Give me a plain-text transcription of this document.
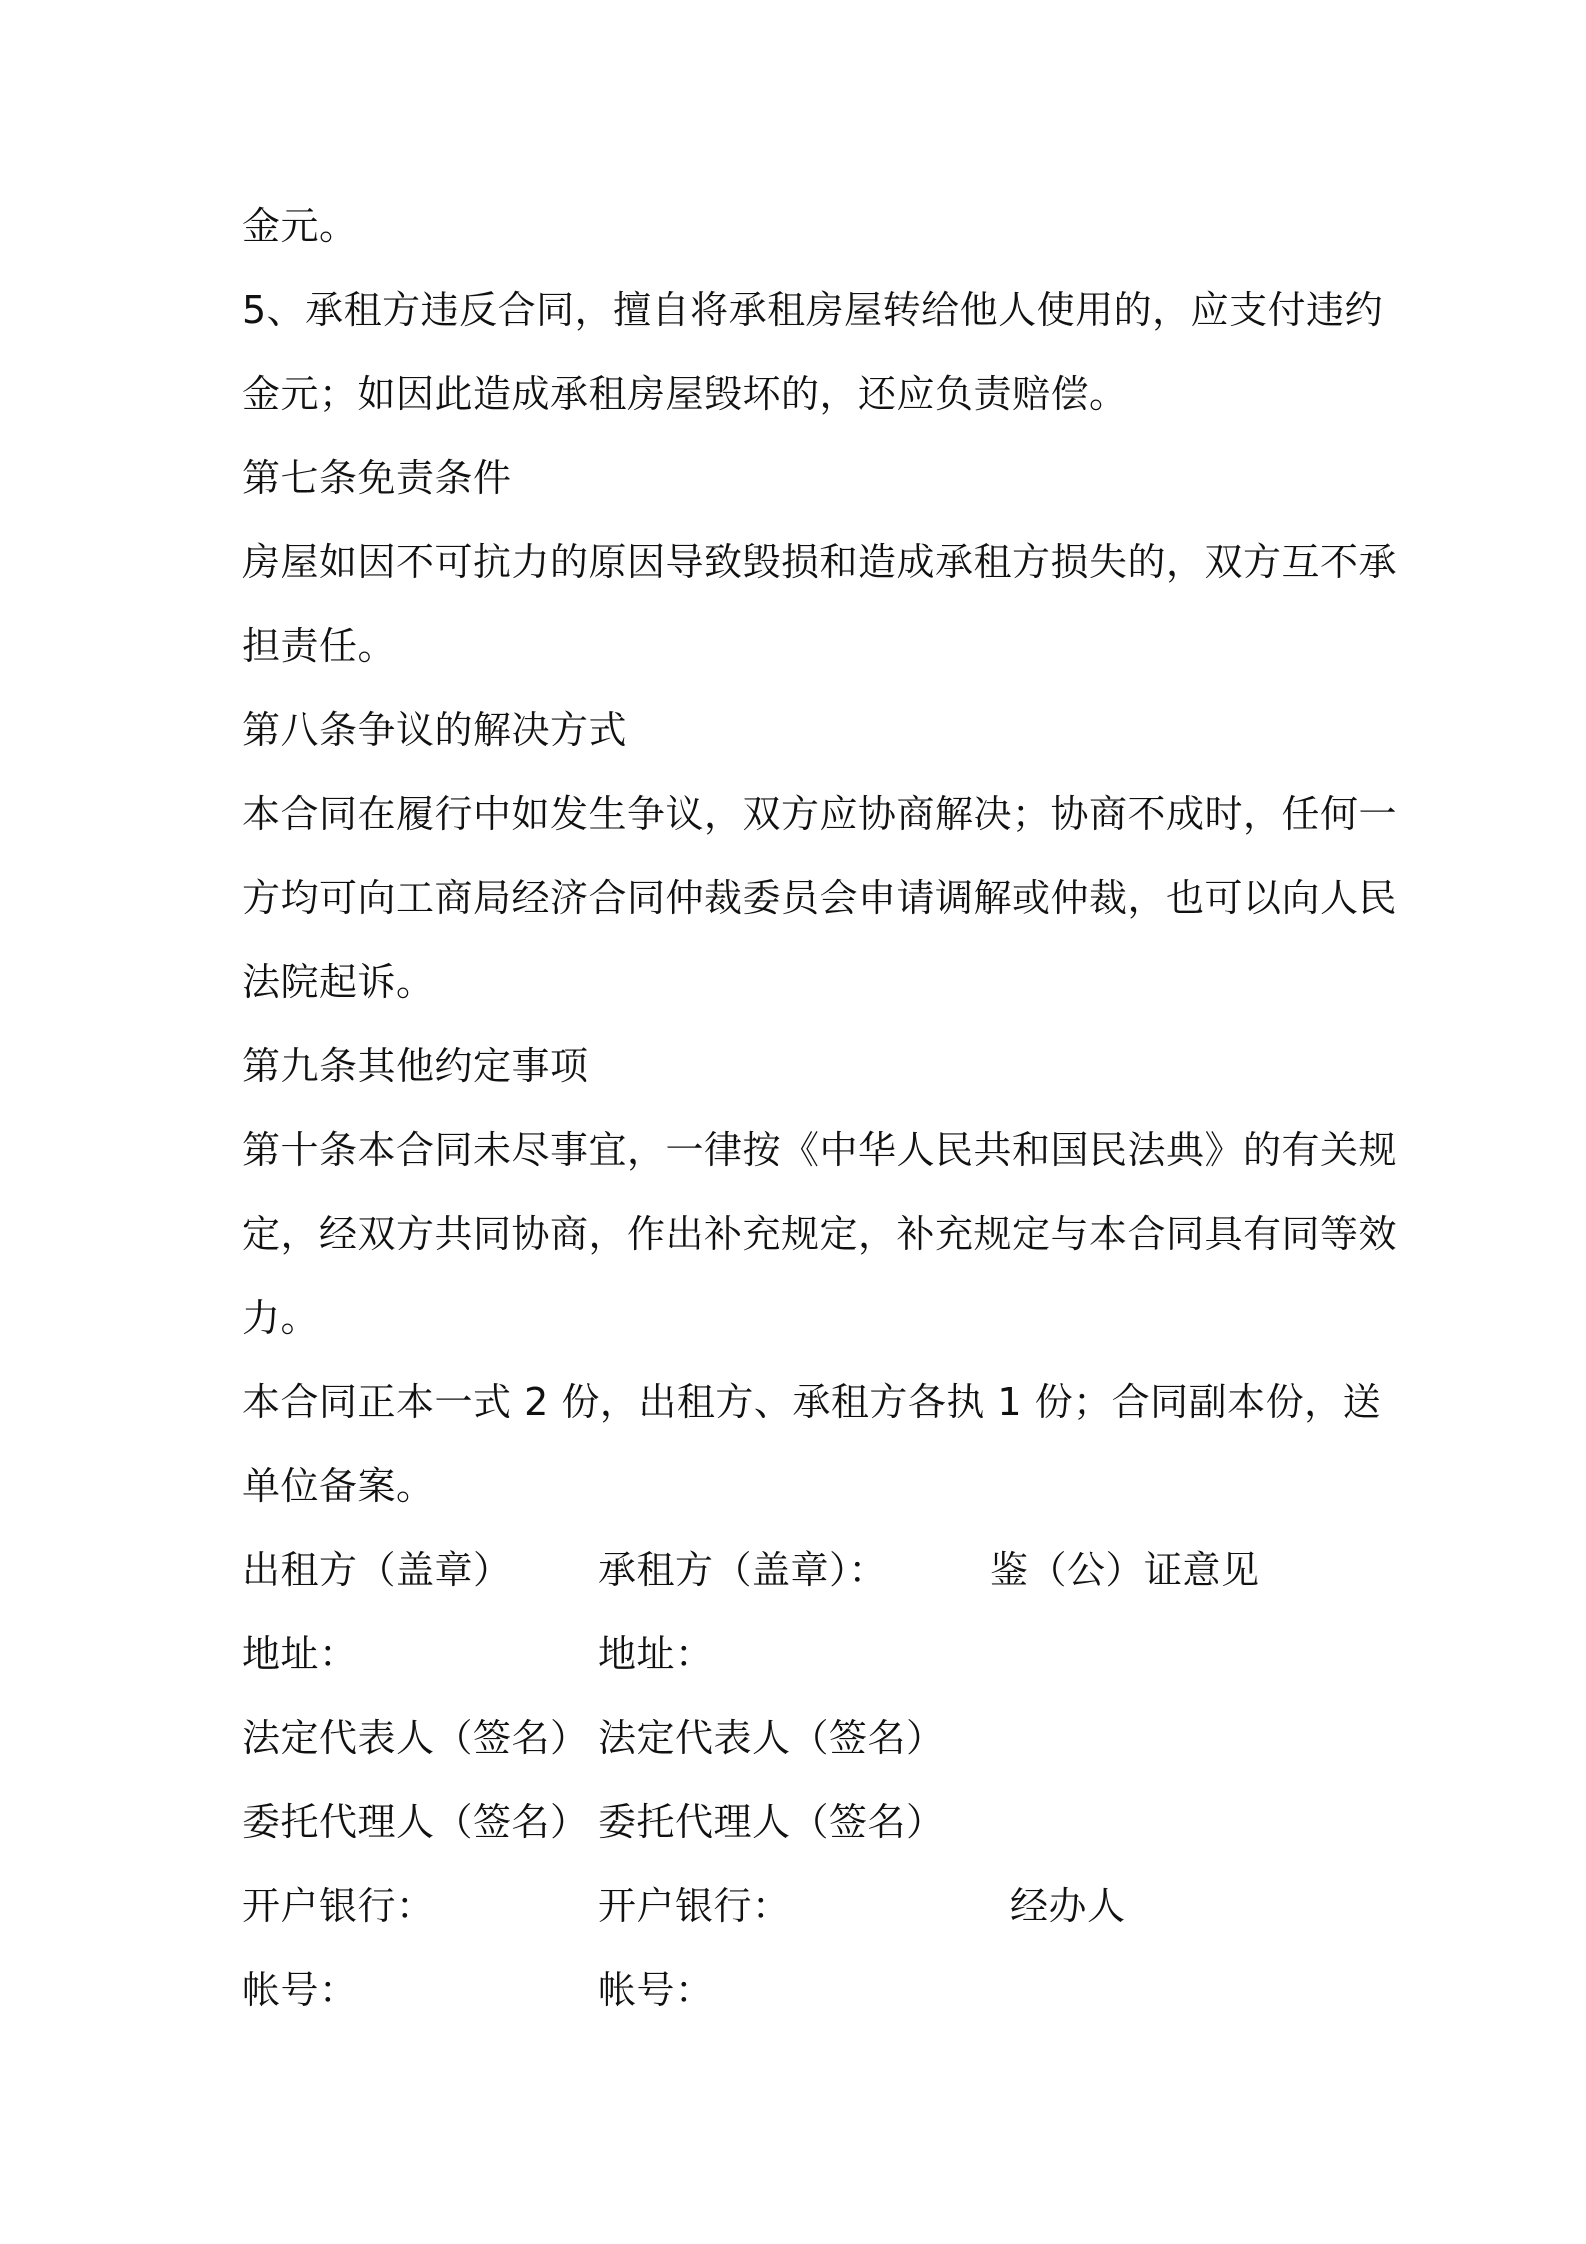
金元。
5、承租方违反合同，擅自将承租房屋转给他人使用的，应支付违约
金元；如因此造成承租房屋毁坏的，还应负责赔偿。
第七条免责条件
房屋如因不可抗力的原因导致毁损和造成承租方损失的，双方互不承
担责任。
第八条争议的解决方式
本合同在履行中如发生争议，双方应协商解决；协商不成时，任何一
方均可向工商局经济合同仲裁委员会申请调解或仲裁，也可以向人民
法院起诉。
第九条其他约定事项
第十条本合同未尽事宜，一律按《中华人民共和国民法典》的有关规
定，经双方共同协商，作出补充规定，补充规定与本合同具有同等效
力。
本合同正本一式 2 份，出租方、承租方各执 1 份；合同副本份，送
单位备案。
出租方（盖章） 承租方（盖章）：	鉴（公）证意见
地址：	地址：
法定代表人（签名） 法定代表人（签名）
委托代理人（签名） 委托代理人（签名）
开户银行：	开户银行：	经办人
帐号：	帐号：
